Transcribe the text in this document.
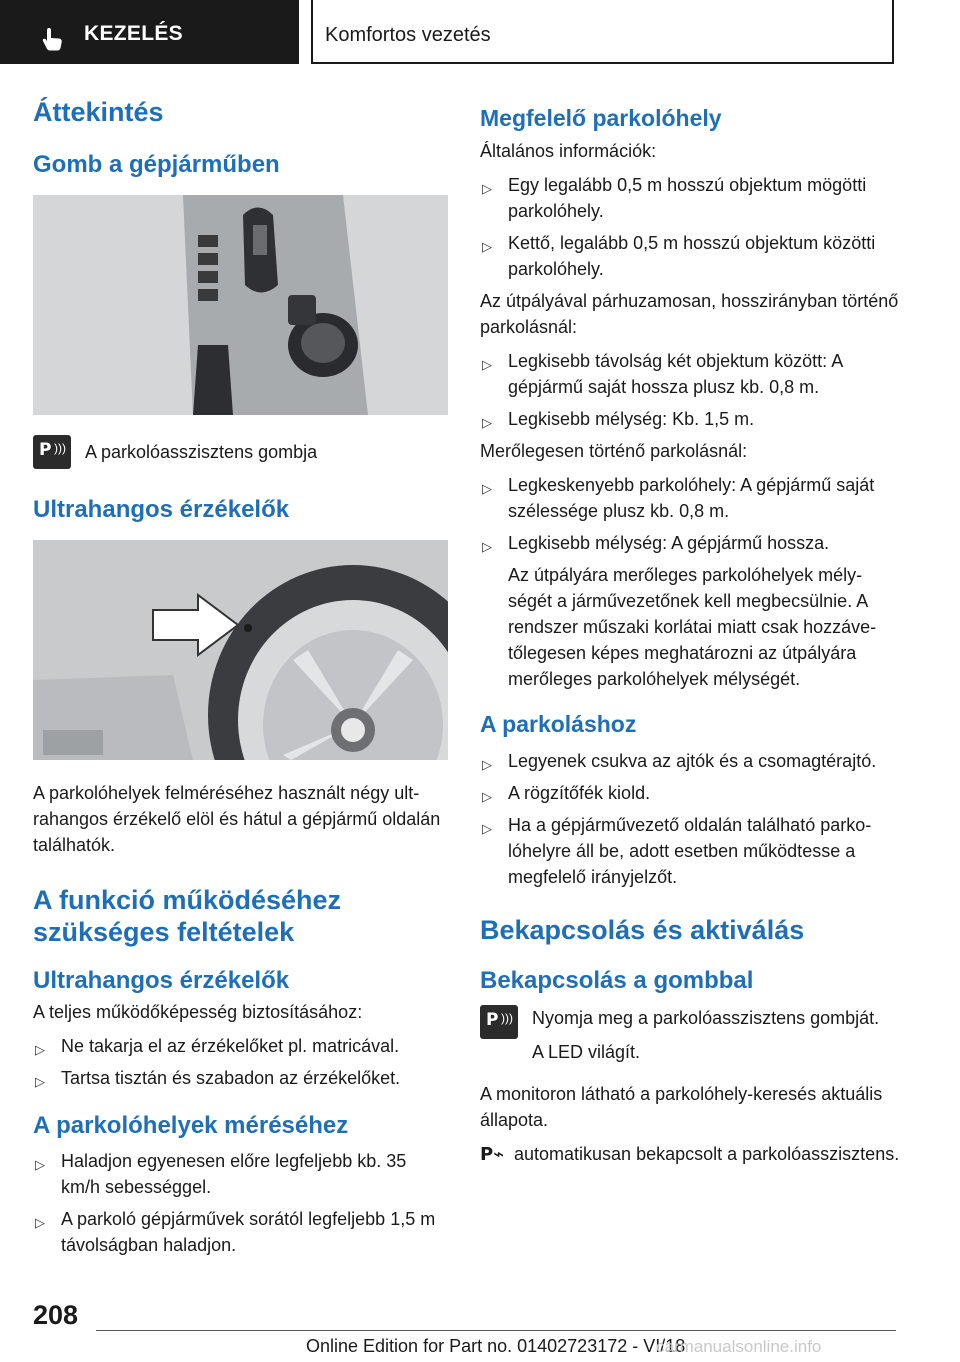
KEZELÉS	Komfortos vezetés
Áttekintés
Gomb a gépjárműben
P ))) A parkolóasszisztens gombja

Ultrahangos érzékelők

A parkolóhelyek felméréséhez használt négy ultrahangos érzékelő elöl és hátul a gépjármű oldalán találhatók.

A funkció működéséhez szükséges feltételek
Ultrahangos érzékelők

A teljes működőképesség biztosításához:

▷ Ne takarja el az érzékelőket pl. matricával.
▷ Tartsa tisztán és szabadon az érzékelőket.
A parkolóhelyek méréséhez
▷ Haladjon egyenesen előre legfeljebb kb. 35 km/h sebességgel.
▷ A parkoló gépjárművek sorától legfeljebb 1,5 m távolságban haladjon.
Megfelelő parkolóhely

Általános információk:

▷ Egy legalább 0,5 m hosszú objektum mögötti parkolóhely.
▷ Kettő, legalább 0,5 m hosszú objektum közötti parkolóhely.

Az útpályával párhuzamosan, hosszirányban történő parkolásnál:

▷ Legkisebb távolság két objektum között: A gépjármű saját hossza plusz kb. 0,8 m.
▷ Legkisebb mélység: Kb. 1,5 m.

Merőlegesen történő parkolásnál:

▷ Legkeskenyebb parkolóhely: A gépjármű saját szélessége plusz kb. 0,8 m.
▷ Legkisebb mélység: A gépjármű hossza.

Az útpályára merőleges parkolóhelyek mélységét a járművezetőnek kell megbecsülnie. A rendszer műszaki korlátai miatt csak hozzávetőlegesen képes meghatározni az útpályára merőleges parkolóhelyek mélységét.

A parkoláshoz
▷ Legyenek csukva az ajtók és a csomagtérajtó.
▷ A rögzítőfék kiold.
▷ Ha a gépjárművezető oldalán található parkolóhelyre áll be, adott esetben működtesse a megfelelő irányjelzőt.
Bekapcsolás és aktiválás
Bekapcsolás a gombbal
P ))) Nyomja meg a parkolóasszisztens gombját.

A LED világít.

A monitoron látható a parkolóhely-keresés aktuális állapota.

P⌁ automatikusan bekapcsolt a parkolóasszisztens.

208
Online Edition for Part no. 01402723172 - VI/18
carmanualsonline.info
